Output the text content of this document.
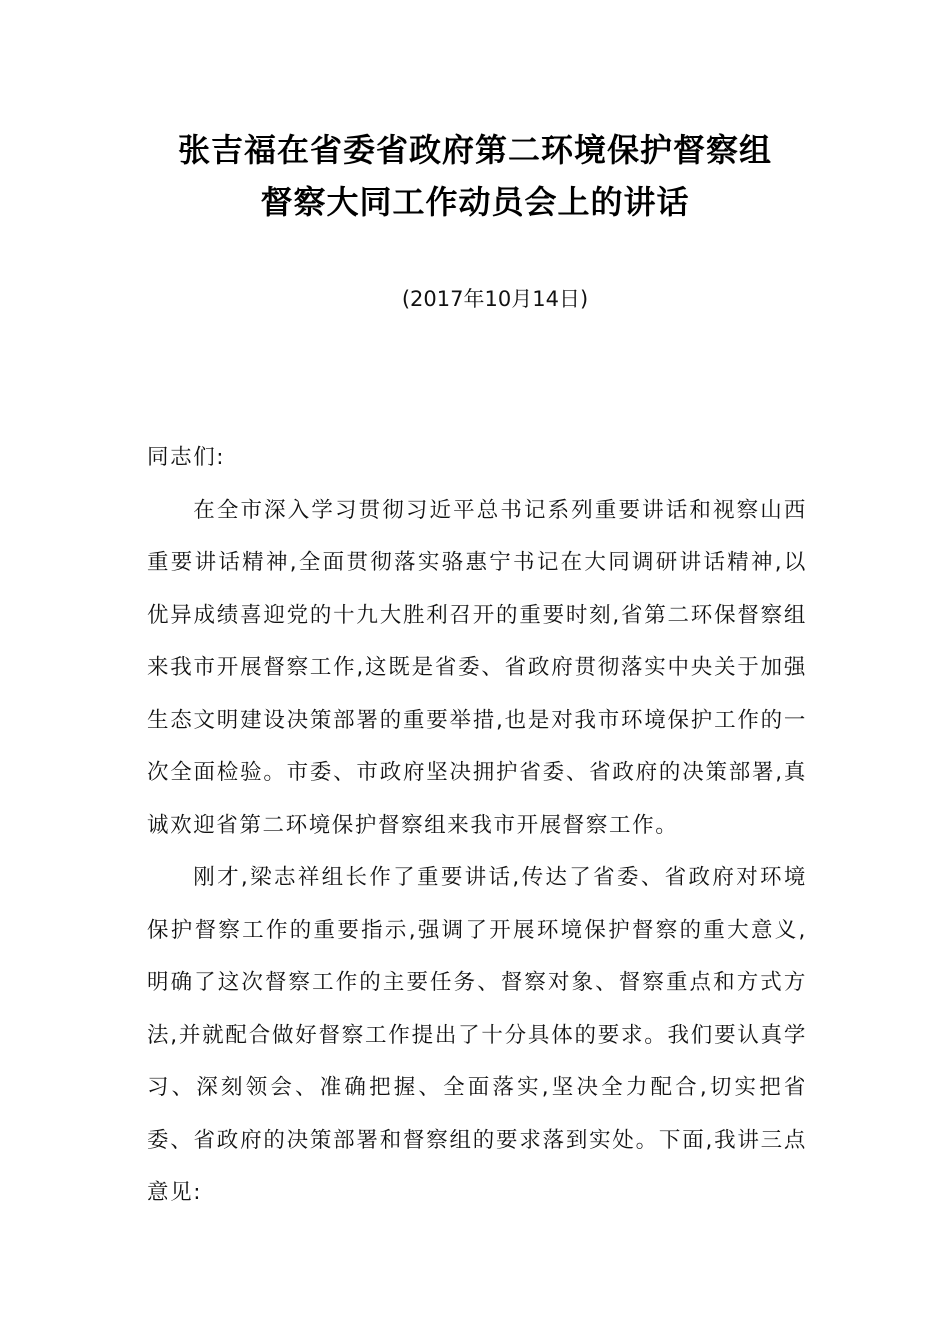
张吉福在省委省政府第二环境保护督察组
督察大同工作动员会上的讲话
(2017年10月14日)

同志们:

在全市深入学习贯彻习近平总书记系列重要讲话和视察山西重要讲话精神,全面贯彻落实骆惠宁书记在大同调研讲话精神,以优异成绩喜迎党的十九大胜利召开的重要时刻,省第二环保督察组来我市开展督察工作,这既是省委、省政府贯彻落实中央关于加强生态文明建设决策部署的重要举措,也是对我市环境保护工作的一次全面检验。市委、市政府坚决拥护省委、省政府的决策部署,真诚欢迎省第二环境保护督察组来我市开展督察工作。

刚才,梁志祥组长作了重要讲话,传达了省委、省政府对环境保护督察工作的重要指示,强调了开展环境保护督察的重大意义,明确了这次督察工作的主要任务、督察对象、督察重点和方式方法,并就配合做好督察工作提出了十分具体的要求。我们要认真学习、深刻领会、准确把握、全面落实,坚决全力配合,切实把省委、省政府的决策部署和督察组的要求落到实处。下面,我讲三点意见:
